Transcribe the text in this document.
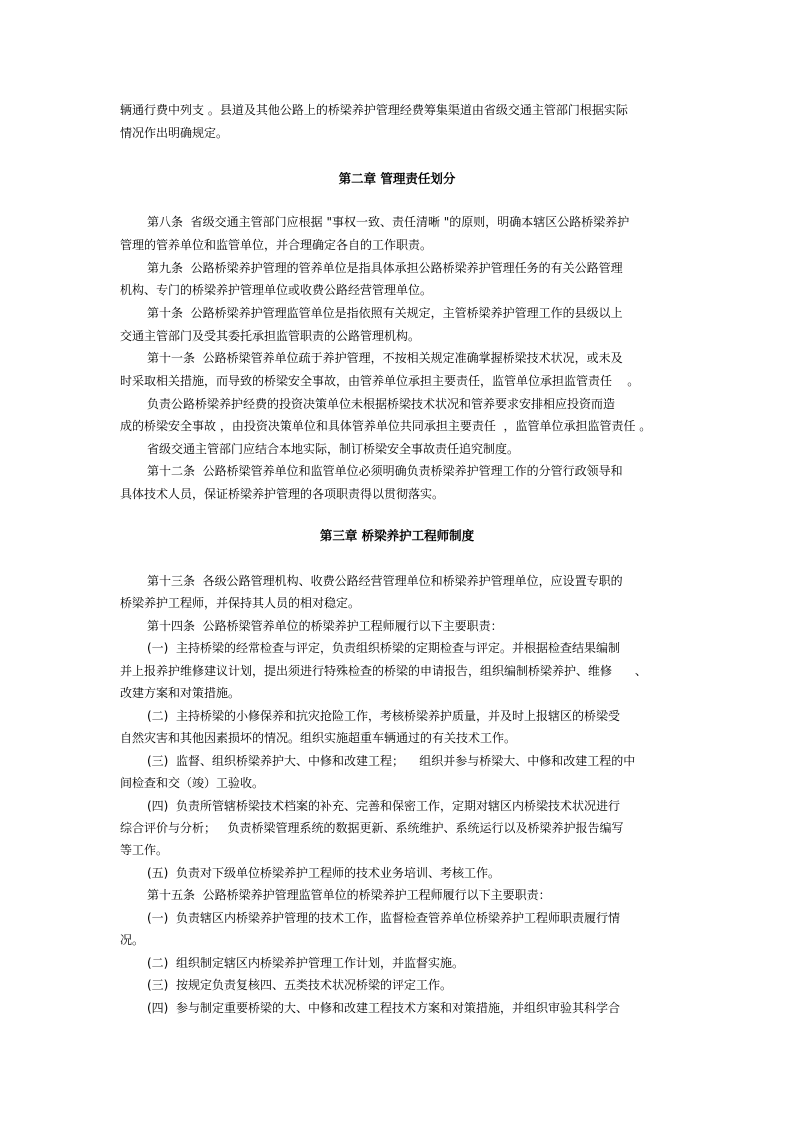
辆通行费中列支 。县道及其他公路上的桥梁养护管理经费筹集渠道由省级交通主管部门根据实际
情况作出明确规定。
第二章 管理责任划分
第八条  省级交通主管部门应根据 "事权一致、责任清晰 "的原则，明确本辖区公路桥梁养护
管理的管养单位和监管单位，并合理确定各自的工作职责。
第九条  公路桥梁养护管理的管养单位是指具体承担公路桥梁养护管理任务的有关公路管理
机构、专门的桥梁养护管理单位或收费公路经营管理单位。
第十条  公路桥梁养护管理监管单位是指依照有关规定，主管桥梁养护管理工作的县级以上
交通主管部门及受其委托承担监管职责的公路管理机构。
第十一条  公路桥梁管养单位疏于养护管理，不按相关规定准确掌握桥梁技术状况，或未及
时采取相关措施，而导致的桥梁安全事故，由管养单位承担主要责任，监管单位承担监管责任    。
负责公路桥梁养护经费的投资决策单位未根据桥梁技术状况和管养要求安排相应投资而造
成的桥梁安全事故 ，由投资决策单位和具体管养单位共同承担主要责任  ，监管单位承担监管责任 。
省级交通主管部门应结合本地实际，制订桥梁安全事故责任追究制度。
第十二条  公路桥梁管养单位和监管单位必须明确负责桥梁养护管理工作的分管行政领导和
具体技术人员，保证桥梁养护管理的各项职责得以贯彻落实。
第三章 桥梁养护工程师制度
第十三条  各级公路管理机构、收费公路经营管理单位和桥梁养护管理单位，应设置专职的
桥梁养护工程师，并保持其人员的相对稳定。
第十四条  公路桥梁管养单位的桥梁养护工程师履行以下主要职责：
(一)  主持桥梁的经常检查与评定，负责组织桥梁的定期检查与评定。并根据检查结果编制
并上报养护维修建议计划，提出须进行特殊检查的桥梁的申请报告，组织编制桥梁养护、维修      、
改建方案和对策措施。
(二)  主持桥梁的小修保养和抗灾抢险工作，考核桥梁养护质量，并及时上报辖区的桥梁受
自然灾害和其他因素损坏的情况。组织实施超重车辆通过的有关技术工作。
(三)  监督、组织桥梁养护大、中修和改建工程；    组织并参与桥梁大、中修和改建工程的中
间检查和交（竣）工验收。
(四)  负责所管辖桥梁技术档案的补充、完善和保密工作，定期对辖区内桥梁技术状况进行
综合评价与分析；   负责桥梁管理系统的数据更新、系统维护、系统运行以及桥梁养护报告编写
等工作。
(五)  负责对下级单位桥梁养护工程师的技术业务培训、考核工作。
第十五条  公路桥梁养护管理监管单位的桥梁养护工程师履行以下主要职责：
(一)  负责辖区内桥梁养护管理的技术工作，监督检查管养单位桥梁养护工程师职责履行情
况。
(二)  组织制定辖区内桥梁养护管理工作计划，并监督实施。
(三)  按规定负责复核四、五类技术状况桥梁的评定工作。
(四)  参与制定重要桥梁的大、中修和改建工程技术方案和对策措施，并组织审验其科学合
